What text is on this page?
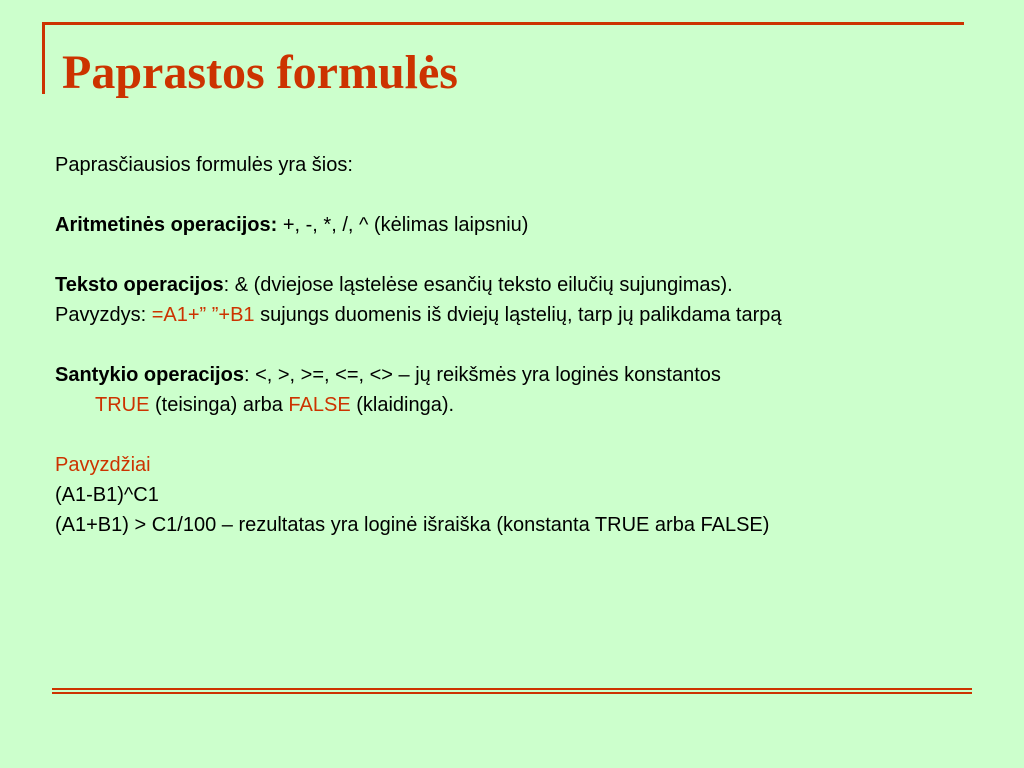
Paprastos formulės
Paprasčiausios formulės yra šios:
Aritmetinės operacijos: +, -, *, /, ^ (kėlimas laipsniu)
Teksto operacijos: & (dviejose ląstelėse esančių teksto eilučių sujungimas).
Pavyzdys: =A1+” ”+B1 sujungs duomenis iš dviejų ląstelių, tarp jų palikdama tarpą
Santykio operacijos: <, >, >=, <=, <> – jų reikšmės yra loginės konstantos
TRUE (teisinga) arba FALSE (klaidinga).
Pavyzdžiai
(A1-B1)^C1
(A1+B1) > C1/100 – rezultatas yra loginė išraiška (konstanta TRUE arba FALSE)
